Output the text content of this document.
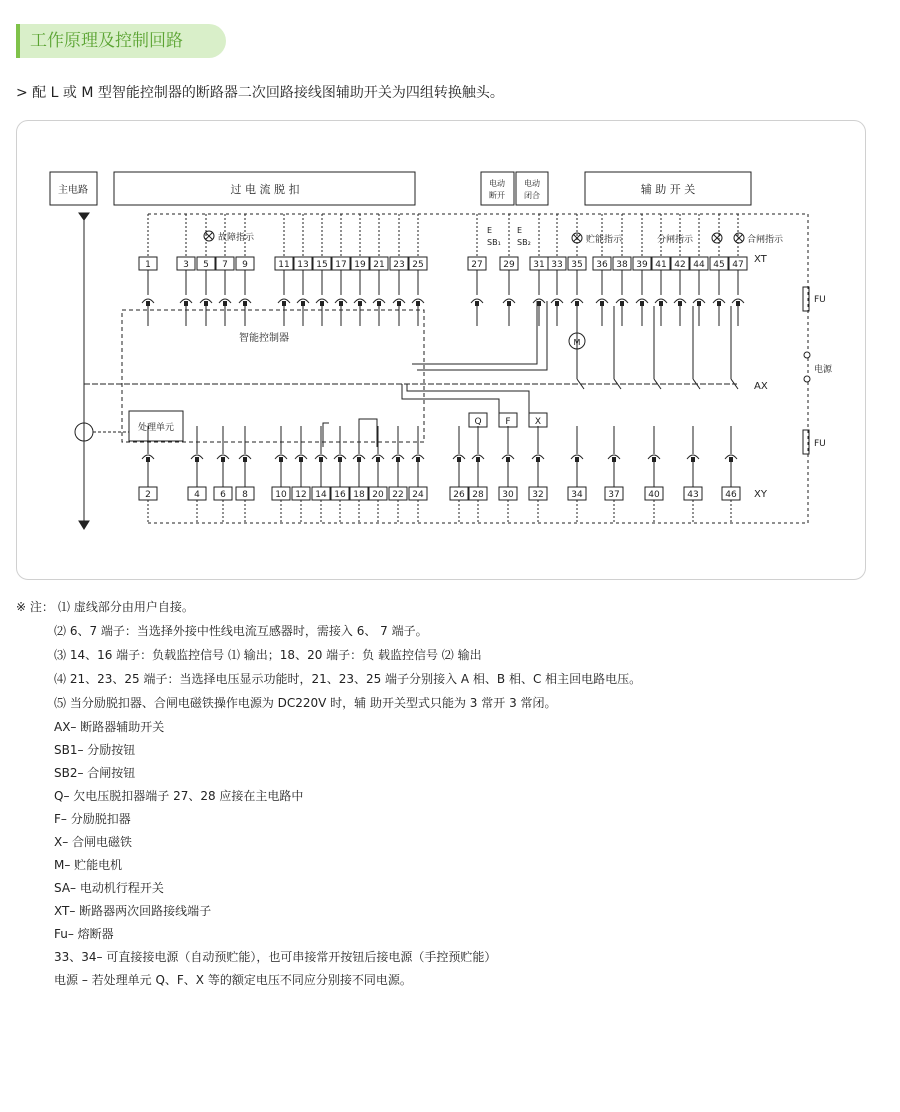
工作原理及控制回路
> 配 L 或 M 型智能控制器的断路器二次回路接线图辅助开关为四组转换触头。
1	3 5 7 9	11 13 15 17 19 21 23 25	27 29 31 33 35 36 38 39 41 42 44 45 47
2	4 6 8	10 12 14 16 18 20 22 24	26 28 30 32	34	37	40	43	46
主电路	过 电 流 脱 扣	电动
断开
电动
闭合	辅 助 开 关
智能控制器
处理单元
故障指示	贮能指示	分闸指示	合闸指示
电源
FU
FU
XT
AX
XY
E
SB₁
E
SB₂
M
Q	F	X
※ 注： ⑴ 虚线部分由用户自接。
⑵ 6、7 端子：当选择外接中性线电流互感器时，需接入 6、 7 端子。
⑶ 14、16 端子：负载监控信号 ⑴ 输出；18、20 端子：负 载监控信号 ⑵ 输出
⑷ 21、23、25 端子：当选择电压显示功能时，21、23、25 端子分别接入 A 相、B 相、C 相主回电路电压。
⑸ 当分励脱扣器、合闸电磁铁操作电源为 DC220V 时，辅 助开关型式只能为 3 常开 3 常闭。
AX– 断路器辅助开关
SB1– 分励按钮
SB2– 合闸按钮
Q– 欠电压脱扣器端子 27、28 应接在主电路中
F– 分励脱扣器
X– 合闸电磁铁
M– 贮能电机
SA– 电动机行程开关
XT– 断路器两次回路接线端子
Fu– 熔断器
33、34– 可直接接电源（自动预贮能），也可串接常开按钮后接电源（手控预贮能）
电源 – 若处理单元 Q、F、X 等的额定电压不同应分别接不同电源。
